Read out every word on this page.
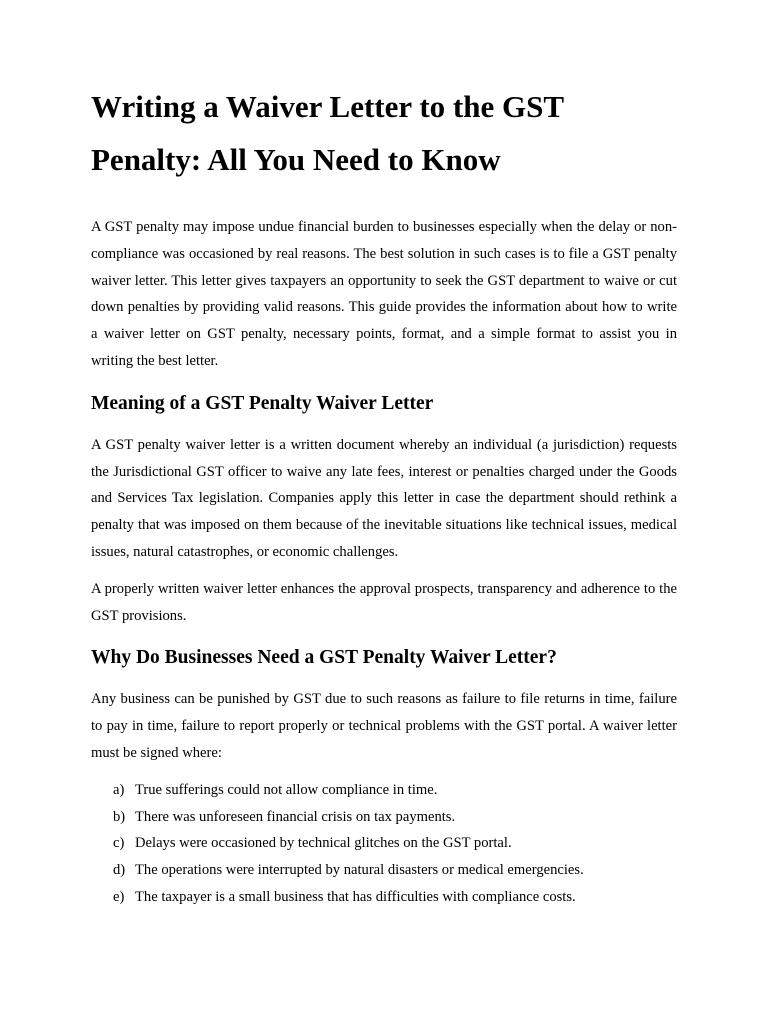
Writing a Waiver Letter to the GST Penalty: All You Need to Know

A GST penalty may impose undue financial burden to businesses especially when the delay or non-compliance was occasioned by real reasons. The best solution in such cases is to file a GST penalty waiver letter. This letter gives taxpayers an opportunity to seek the GST department to waive or cut down penalties by providing valid reasons. This guide provides the information about how to write a waiver letter on GST penalty, necessary points, format, and a simple format to assist you in writing the best letter.

Meaning of a GST Penalty Waiver Letter

A GST penalty waiver letter is a written document whereby an individual (a jurisdiction) requests the Jurisdictional GST officer to waive any late fees, interest or penalties charged under the Goods and Services Tax legislation. Companies apply this letter in case the department should rethink a penalty that was imposed on them because of the inevitable situations like technical issues, medical issues, natural catastrophes, or economic challenges.

A properly written waiver letter enhances the approval prospects, transparency and adherence to the GST provisions.

Why Do Businesses Need a GST Penalty Waiver Letter?

Any business can be punished by GST due to such reasons as failure to file returns in time, failure to pay in time, failure to report properly or technical problems with the GST portal. A waiver letter must be signed where:

a) True sufferings could not allow compliance in time.
b) There was unforeseen financial crisis on tax payments.
c) Delays were occasioned by technical glitches on the GST portal.
d) The operations were interrupted by natural disasters or medical emergencies.
e) The taxpayer is a small business that has difficulties with compliance costs.
